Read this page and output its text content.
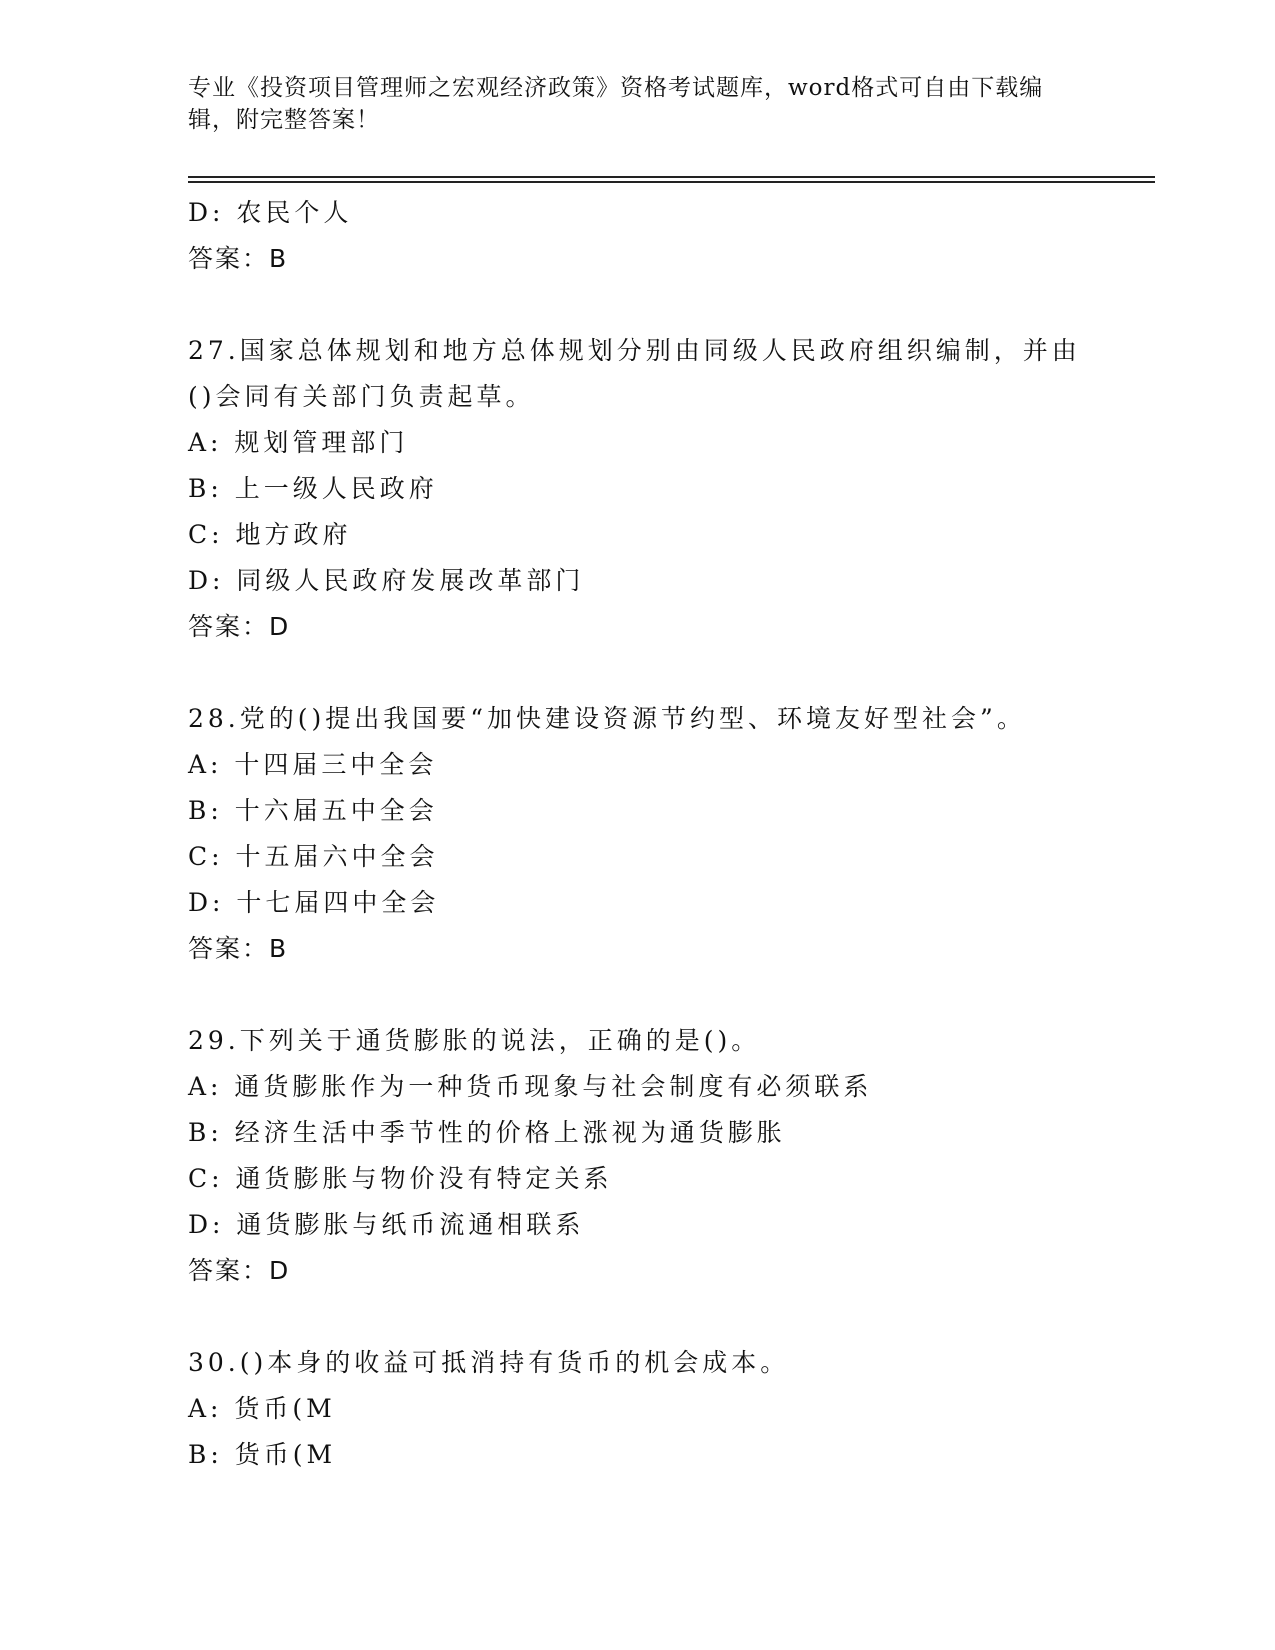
专业《投资项目管理师之宏观经济政策》资格考试题库，word格式可自由下载编
辑，附完整答案！
D: 农民个人
答案：B
27.国家总体规划和地方总体规划分别由同级人民政府组织编制，并由
()会同有关部门负责起草。
A: 规划管理部门
B: 上一级人民政府
C: 地方政府
D: 同级人民政府发展改革部门
答案：D
28.党的()提出我国要“加快建设资源节约型、环境友好型社会”。
A: 十四届三中全会
B: 十六届五中全会
C: 十五届六中全会
D: 十七届四中全会
答案：B
29.下列关于通货膨胀的说法，正确的是()。
A: 通货膨胀作为一种货币现象与社会制度有必须联系
B: 经济生活中季节性的价格上涨视为通货膨胀
C: 通货膨胀与物价没有特定关系
D: 通货膨胀与纸币流通相联系
答案：D
30.()本身的收益可抵消持有货币的机会成本。
A: 货币(M
B: 货币(M
